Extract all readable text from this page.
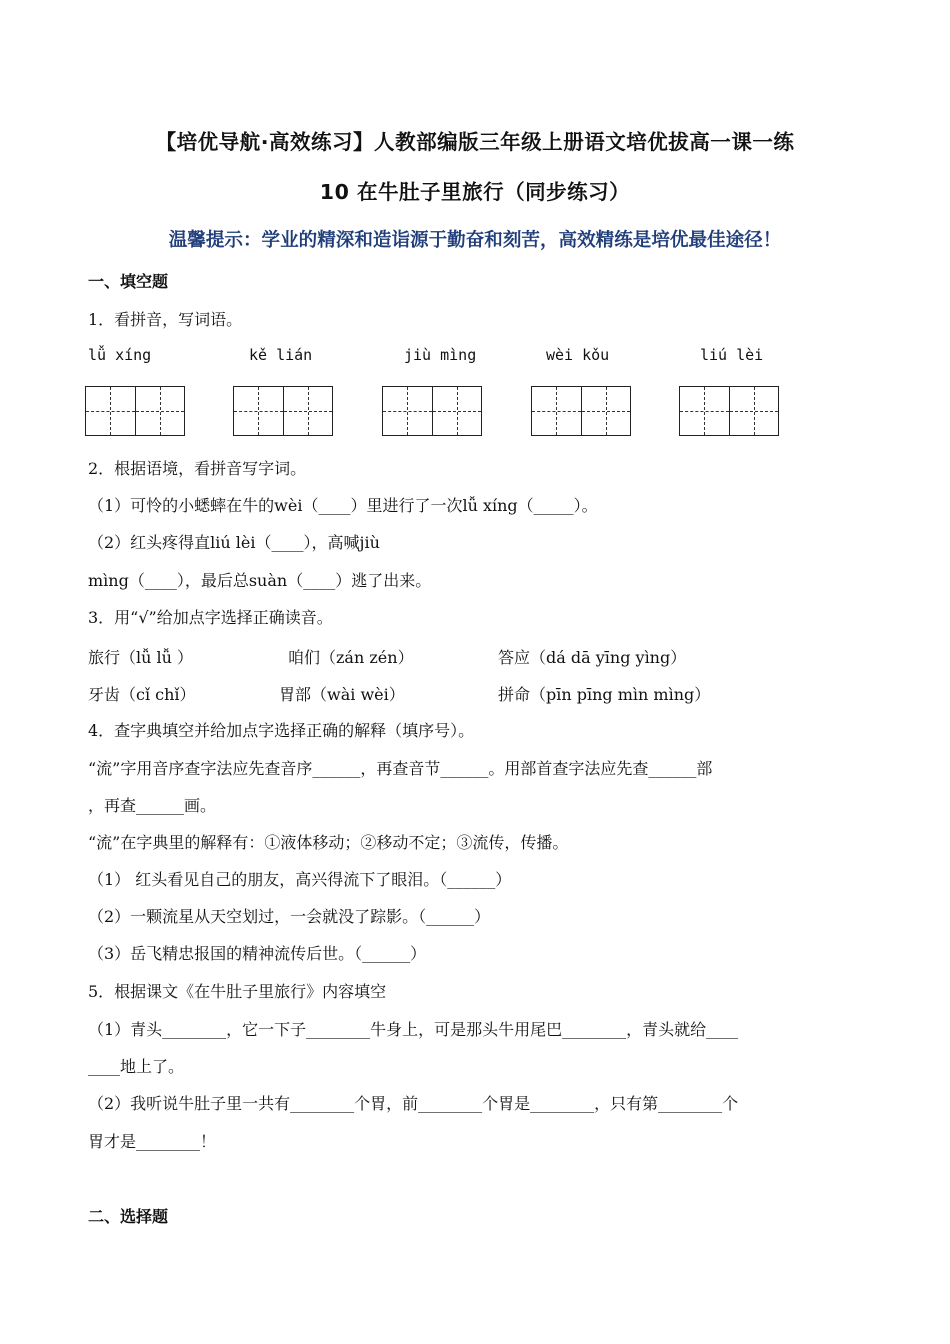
【培优导航·高效练习】人教部编版三年级上册语文培优拔高一课一练
10 在牛肚子里旅行（同步练习）
温馨提示：学业的精深和造诣源于勤奋和刻苦，高效精练是培优最佳途径！
一、填空题
1．看拼音，写词语。
lǚ xíng	kě lián	jiù mìng	wèi kǒu	liú lèi
2．根据语境，看拼音写字词。
（1）可怜的小蟋蟀在牛的wèi（____）里进行了一次lǚ xíng（_____）。
（2）红头疼得直liú lèi（____），高喊jiù
mìng（____），最后总suàn（____）逃了出来。
3．用“√”给加点字选择正确读音。
旅行（lǚ lǚ ）	咱们（zán zén）	答应（dá dā yīng yìng）
牙齿（cǐ chǐ）	胃部（wài wèi）	拼命（pīn pīng mìn mìng）
4．查字典填空并给加点字选择正确的解释（填序号）。
“流”字用音序查字法应先查音序______，再查音节______。用部首查字法应先查______部
，再查______画。
“流”在字典里的解释有：①液体移动；②移动不定；③流传，传播。
（1） 红头看见自己的朋友，高兴得流下了眼泪。（______）
（2）一颗流星从天空划过，一会就没了踪影。（______）
（3）岳飞精忠报国的精神流传后世。（______）
5．根据课文《在牛肚子里旅行》内容填空
（1）青头________，它一下子________牛身上，可是那头牛用尾巴________，青头就给____
____地上了。
（2）我听说牛肚子里一共有________个胃，前________个胃是________，只有第________个
胃才是________！
二、选择题
